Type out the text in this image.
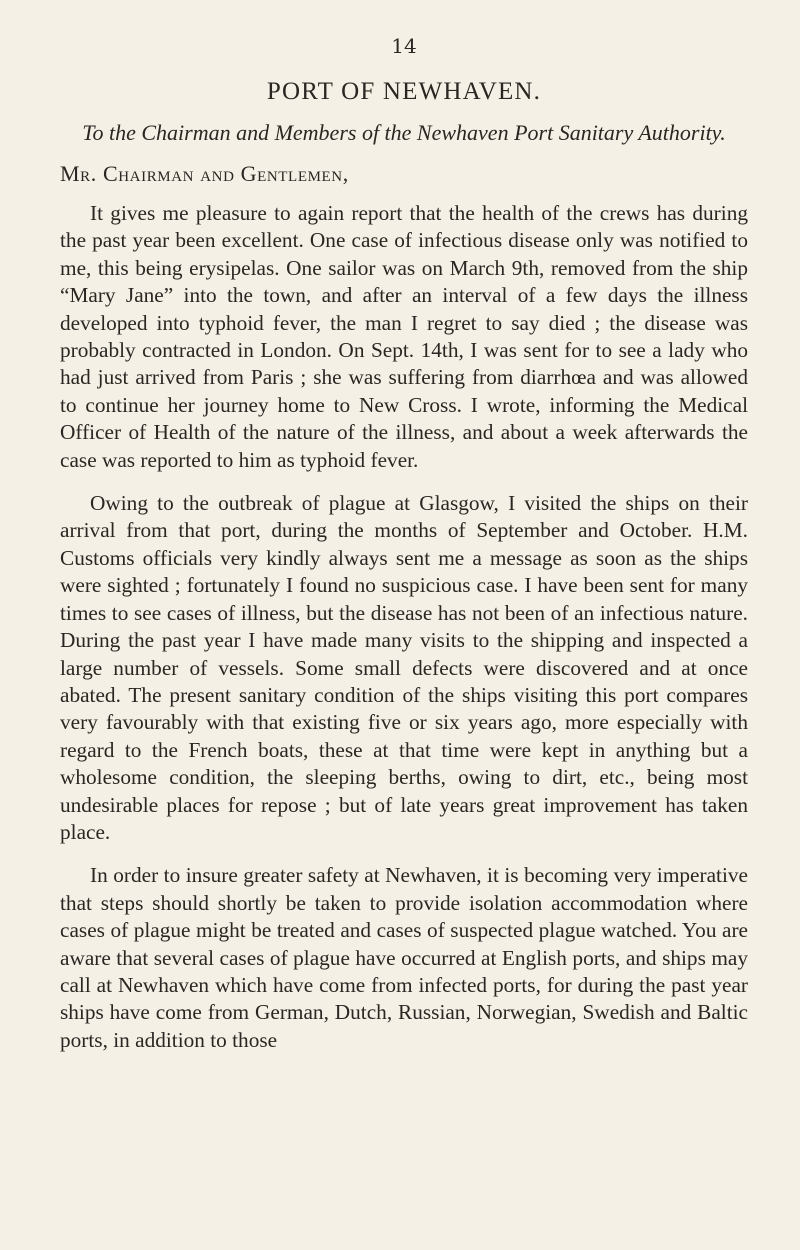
14
PORT OF NEWHAVEN.
To the Chairman and Members of the Newhaven Port Sanitary Authority.
Mr. Chairman and Gentlemen,

It gives me pleasure to again report that the health of the crews has during the past year been excellent. One case of infectious disease only was notified to me, this being erysipelas. One sailor was on March 9th, removed from the ship “Mary Jane” into the town, and after an interval of a few days the illness developed into typhoid fever, the man I regret to say died ; the disease was probably contracted in London. On Sept. 14th, I was sent for to see a lady who had just arrived from Paris ; she was suffering from diarrhœa and was allowed to continue her journey home to New Cross. I wrote, informing the Medical Officer of Health of the nature of the illness, and about a week afterwards the case was reported to him as typhoid fever.

Owing to the outbreak of plague at Glasgow, I visited the ships on their arrival from that port, during the months of September and October. H.M. Customs officials very kindly always sent me a message as soon as the ships were sighted ; fortunately I found no suspicious case. I have been sent for many times to see cases of illness, but the disease has not been of an infectious nature. During the past year I have made many visits to the shipping and inspected a large number of vessels. Some small defects were discovered and at once abated. The present sanitary condition of the ships visiting this port compares very favourably with that existing five or six years ago, more especially with regard to the French boats, these at that time were kept in anything but a wholesome condition, the sleeping berths, owing to dirt, etc., being most undesirable places for repose ; but of late years great improvement has taken place.

In order to insure greater safety at Newhaven, it is becoming very imperative that steps should shortly be taken to provide isolation accommodation where cases of plague might be treated and cases of suspected plague watched. You are aware that several cases of plague have occurred at English ports, and ships may call at Newhaven which have come from infected ports, for during the past year ships have come from German, Dutch, Russian, Norwegian, Swedish and Baltic ports, in addition to those
